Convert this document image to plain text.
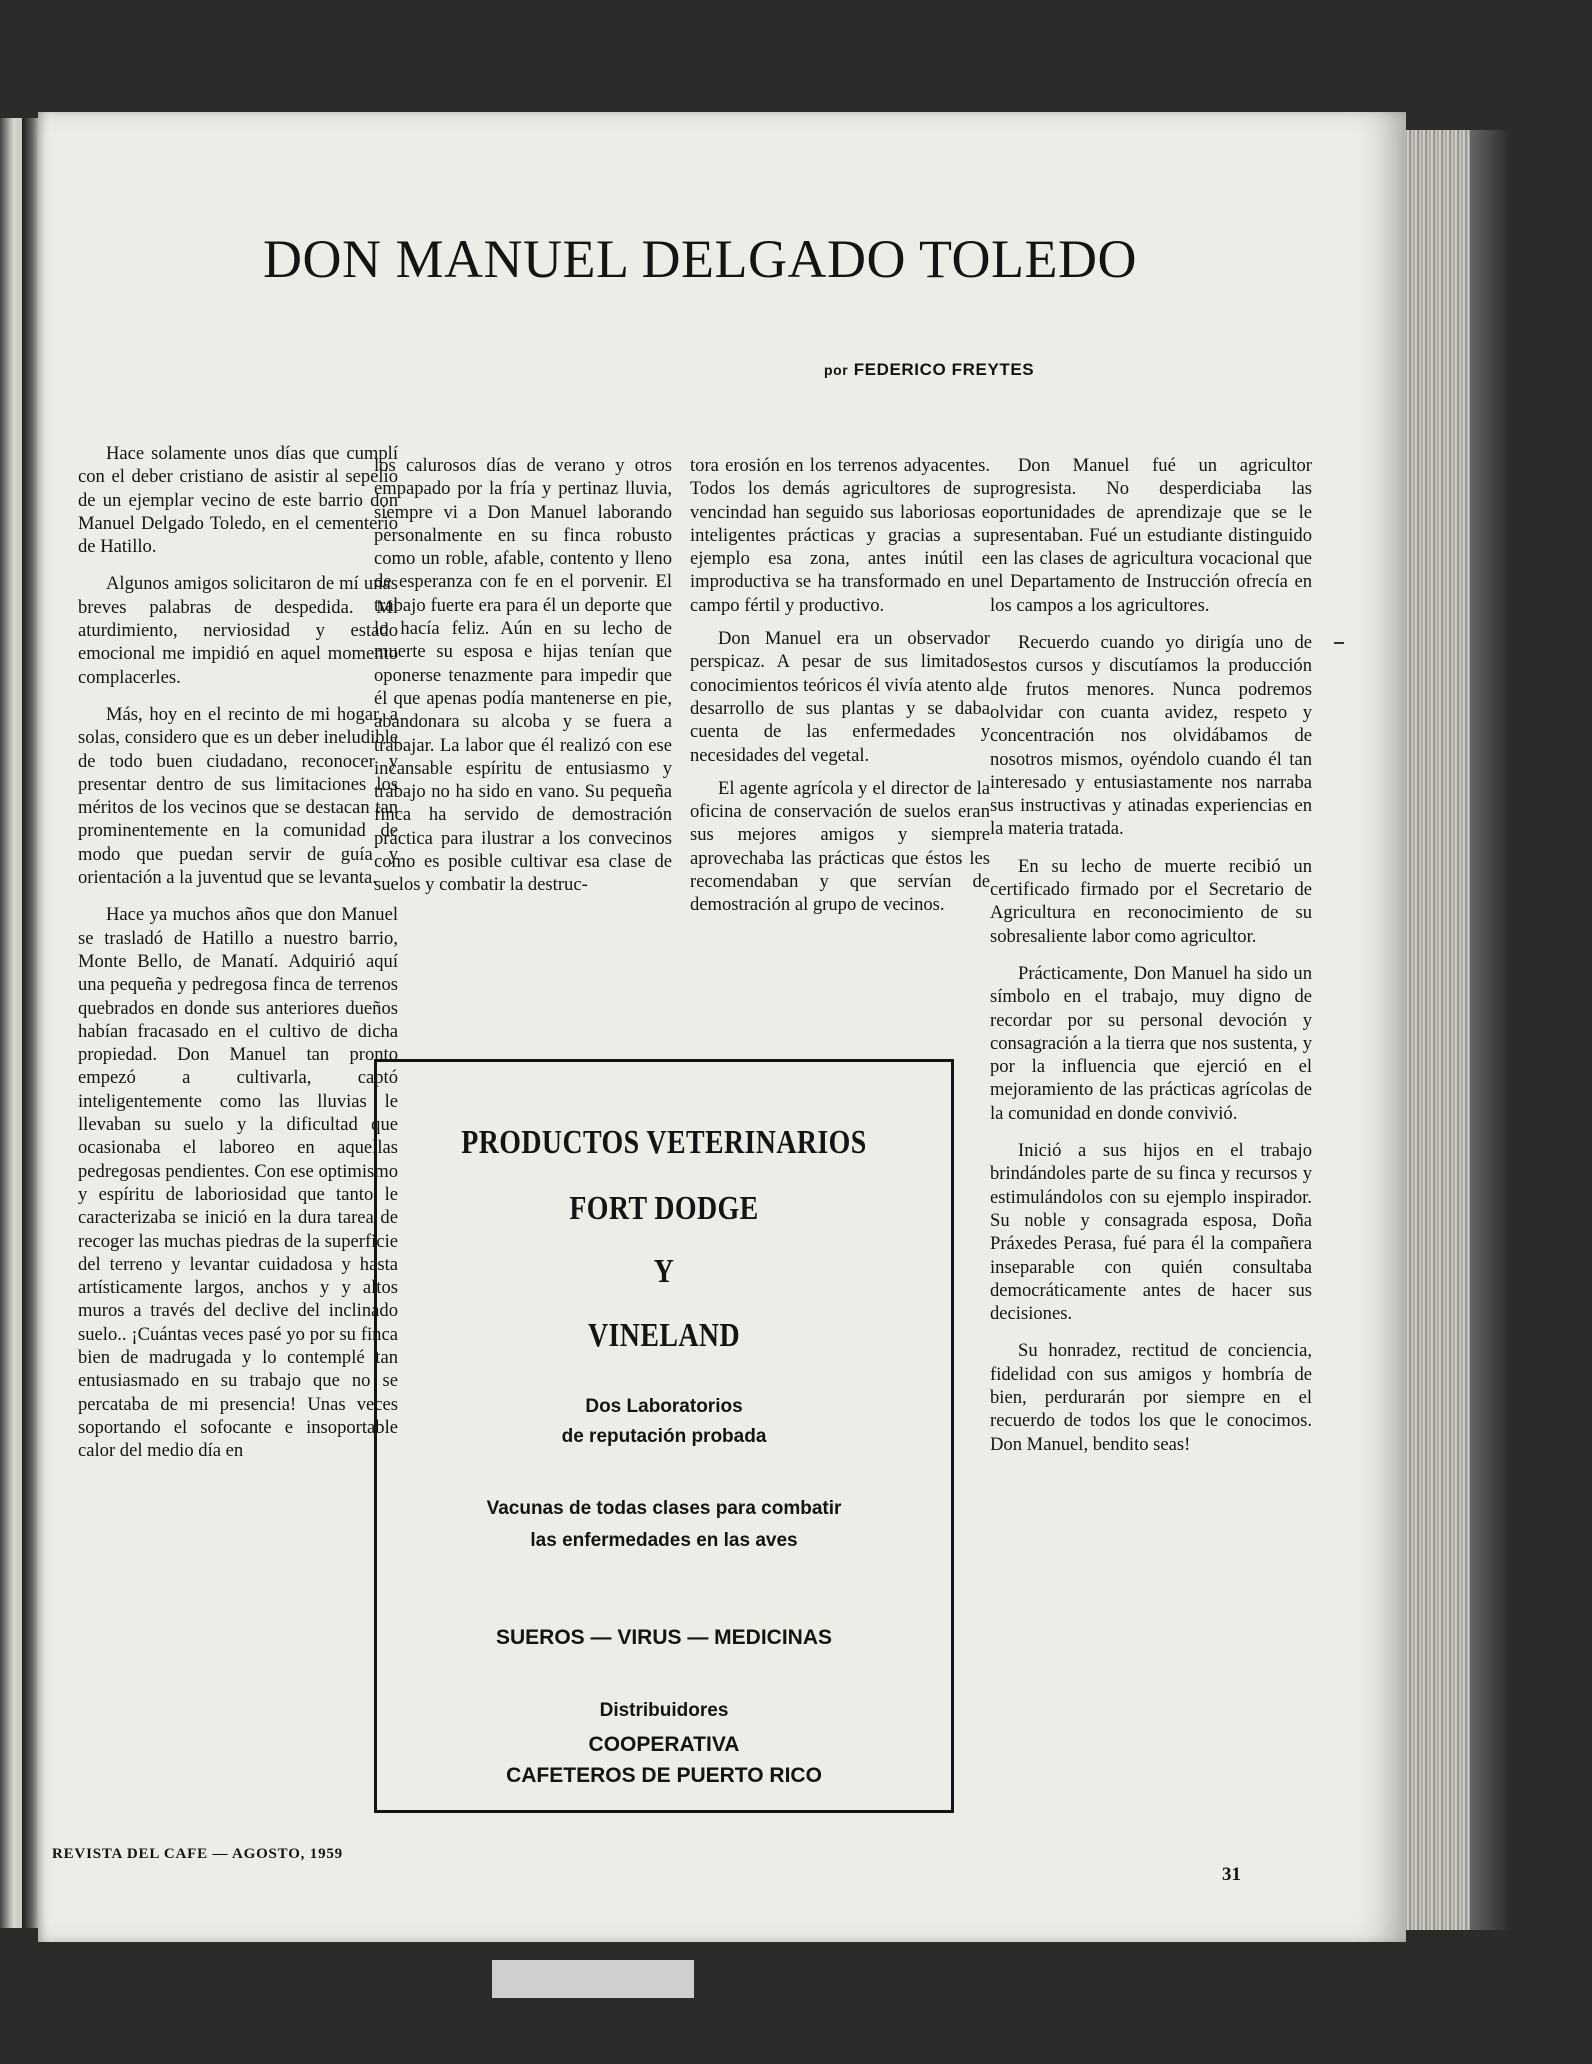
DON MANUEL DELGADO TOLEDO
por FEDERICO FREYTES

Hace solamente unos días que cumplí con el deber cristiano de asistir al sepelio de un ejemplar vecino de este barrio don Manuel Delgado Toledo, en el cementerio de Hatillo.

Algunos amigos solicitaron de mí unas breves palabras de despedida. Mi aturdimiento, nerviosidad y estado emocional me impidió en aquel momento complacerles.

Más, hoy en el recinto de mi hogar, a solas, considero que es un deber ineludible de todo buen ciudadano, reconocer y presentar dentro de sus limitaciones los méritos de los vecinos que se destacan tan prominentemente en la comunidad de modo que puedan servir de guía y orientación a la juventud que se levanta.

Hace ya muchos años que don Manuel se trasladó de Hatillo a nuestro barrio, Monte Bello, de Manatí. Adquirió aquí una pequeña y pedregosa finca de terrenos quebrados en donde sus anteriores dueños habían fracasado en el cultivo de dicha propiedad. Don Manuel tan pronto empezó a cultivarla, captó inteligentemente como las lluvias le llevaban su suelo y la dificultad que ocasionaba el laboreo en aquellas pedregosas pendientes. Con ese optimismo y espíritu de laboriosidad que tanto le caracterizaba se inició en la dura tarea de recoger las muchas piedras de la superficie del terreno y levantar cuidadosa y hasta artísticamente largos, anchos y y altos muros a través del declive del inclinado suelo.. ¡Cuántas veces pasé yo por su finca bien de madrugada y lo contemplé tan entusiasmado en su trabajo que no se percataba de mi presencia! Unas veces soportando el sofocante e insoportable calor del medio día en

los calurosos días de verano y otros empapado por la fría y pertinaz lluvia, siempre vi a Don Manuel laborando personalmente en su finca robusto como un roble, afable, contento y lleno de esperanza con fe en el porvenir. El trabajo fuerte era para él un deporte que lo hacía feliz. Aún en su lecho de muerte su esposa e hijas tenían que oponerse tenazmente para impedir que él que apenas podía mantenerse en pie, abandonara su alcoba y se fuera a trabajar. La labor que él realizó con ese incansable espíritu de entusiasmo y trabajo no ha sido en vano. Su pequeña finca ha servido de demostración práctica para ilustrar a los convecinos como es posible cultivar esa clase de suelos y combatir la destruc-

tora erosión en los terrenos adyacentes. Todos los demás agricultores de su vencindad han seguido sus laboriosas e inteligentes prácticas y gracias a su ejemplo esa zona, antes inútil e improductiva se ha transformado en un campo fértil y productivo.

Don Manuel era un observador perspicaz. A pesar de sus limitados conocimientos teóricos él vivía atento al desarrollo de sus plantas y se daba cuenta de las enfermedades y necesidades del vegetal.

El agente agrícola y el director de la oficina de conservación de suelos eran sus mejores amigos y siempre aprovechaba las prácticas que éstos les recomendaban y que servían de demostración al grupo de vecinos.

Don Manuel fué un agricultor progresista. No desperdiciaba las oportunidades de aprendizaje que se le presentaban. Fué un estudiante distinguido en las clases de agricultura vocacional que el Departamento de Instrucción ofrecía en los campos a los agricultores.

Recuerdo cuando yo dirigía uno de estos cursos y discutíamos la producción de frutos menores. Nunca podremos olvidar con cuanta avidez, respeto y concentración nos olvidábamos de nosotros mismos, oyéndolo cuando él tan interesado y entusiastamente nos narraba sus instructivas y atinadas experiencias en la materia tratada.

En su lecho de muerte recibió un certificado firmado por el Secretario de Agricultura en reconocimiento de su sobresaliente labor como agricultor.

Prácticamente, Don Manuel ha sido un símbolo en el trabajo, muy digno de recordar por su personal devoción y consagración a la tierra que nos sustenta, y por la influencia que ejerció en el mejoramiento de las prácticas agrícolas de la comunidad en donde convivió.

Inició a sus hijos en el trabajo brindándoles parte de su finca y recursos y estimulándolos con su ejemplo inspirador. Su noble y consagrada esposa, Doña Práxedes Perasa, fué para él la compañera inseparable con quién consultaba democráticamente antes de hacer sus decisiones.

Su honradez, rectitud de conciencia, fidelidad con sus amigos y hombría de bien, perdurarán por siempre en el recuerdo de todos los que le conocimos. Don Manuel, bendito seas!

PRODUCTOS VETERINARIOS

FORT DODGE

Y

VINELAND

Dos Laboratorios

de reputación probada

Vacunas de todas clases para combatir

las enfermedades en las aves

SUEROS — VIRUS — MEDICINAS

Distribuidores

COOPERATIVA

CAFETEROS DE PUERTO RICO

REVISTA DEL CAFE — AGOSTO, 1959
31
